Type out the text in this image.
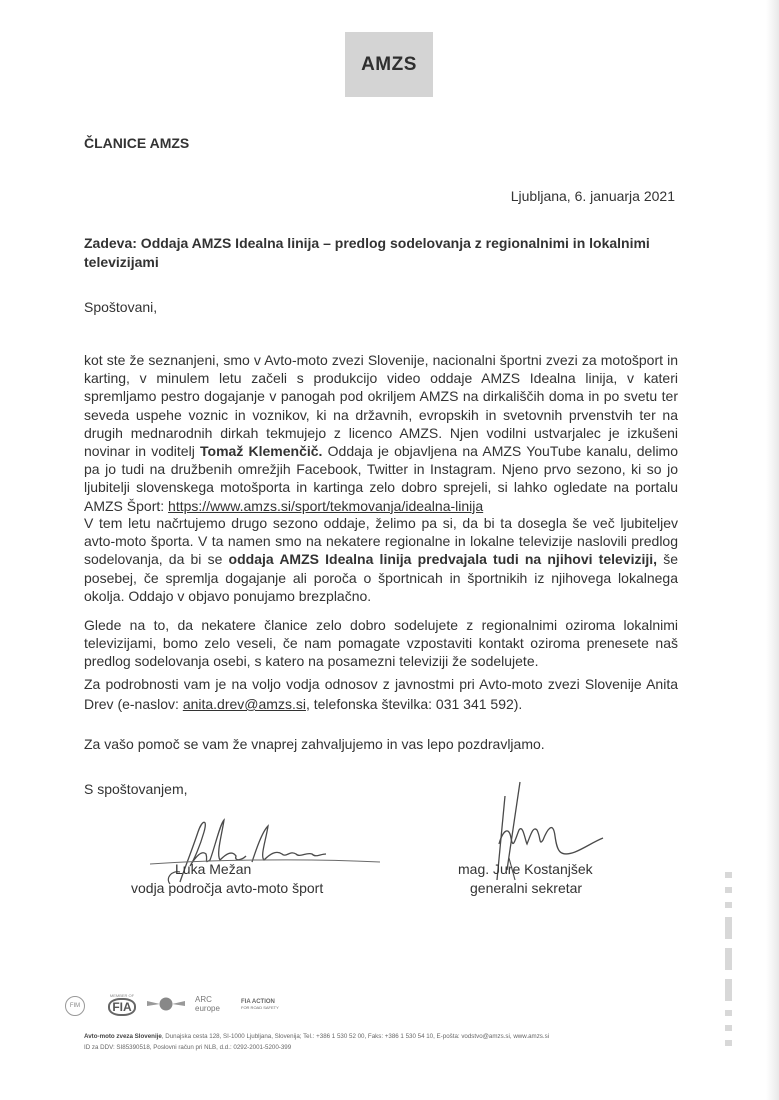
AMZS
ČLANICE AMZS
Ljubljana, 6. januarja 2021
Zadeva: Oddaja AMZS Idealna linija – predlog sodelovanja z regionalnimi in lokalnimi televizijami
Spoštovani,
kot ste že seznanjeni, smo v Avto-moto zvezi Slovenije, nacionalni športni zvezi za motošport in karting, v minulem letu začeli s produkcijo video oddaje AMZS Idealna linija, v kateri spremljamo pestro dogajanje v panogah pod okriljem AMZS na dirkališčih doma in po svetu ter seveda uspehe voznic in voznikov, ki na državnih, evropskih in svetovnih prvenstvih ter na drugih mednarodnih dirkah tekmujejo z licenco AMZS. Njen vodilni ustvarjalec je izkušeni novinar in voditelj Tomaž Klemenčič. Oddaja je objavljena na AMZS YouTube kanalu, delimo pa jo tudi na družbenih omrežjih Facebook, Twitter in Instagram. Njeno prvo sezono, ki so jo ljubitelji slovenskega motošporta in kartinga zelo dobro sprejeli, si lahko ogledate na portalu AMZS Šport: https://www.amzs.si/sport/tekmovanja/idealna-linija
V tem letu načrtujemo drugo sezono oddaje, želimo pa si, da bi ta dosegla še več ljubiteljev avto-moto športa. V ta namen smo na nekatere regionalne in lokalne televizije naslovili predlog sodelovanja, da bi se oddaja AMZS Idealna linija predvajala tudi na njihovi televiziji, še posebej, če spremlja dogajanje ali poroča o športnicah in športnikih iz njihovega lokalnega okolja. Oddajo v objavo ponujamo brezplačno.
Glede na to, da nekatere članice zelo dobro sodelujete z regionalnimi oziroma lokalnimi televizijami, bomo zelo veseli, če nam pomagate vzpostaviti kontakt oziroma prenesete naš predlog sodelovanja osebi, s katero na posamezni televiziji že sodelujete.
Za podrobnosti vam je na voljo vodja odnosov z javnostmi pri Avto-moto zvezi Slovenije Anita Drev (e-naslov: anita.drev@amzs.si, telefonska številka: 031 341 592).
Za vašo pomoč se vam že vnaprej zahvaljujemo in vas lepo pozdravljamo.
S spoštovanjem,
Luka Mežan
vodja področja avto-moto šport
mag. Jure Kostanjšek
generalni sekretar
FIM
MEMBER OF
FIA	ARC
europe
FIA ACTION
FOR ROAD SAFETY
Avto-moto zveza Slovenije, Dunajska cesta 128, SI-1000 Ljubljana, Slovenija; Tel.: +386 1 530 52 00, Faks: +386 1 530 54 10, E-pošta: vodstvo@amzs.si, www.amzs.si
ID za DDV: SI85390518, Poslovni račun pri NLB, d.d.: 0292-2001-5200-399
